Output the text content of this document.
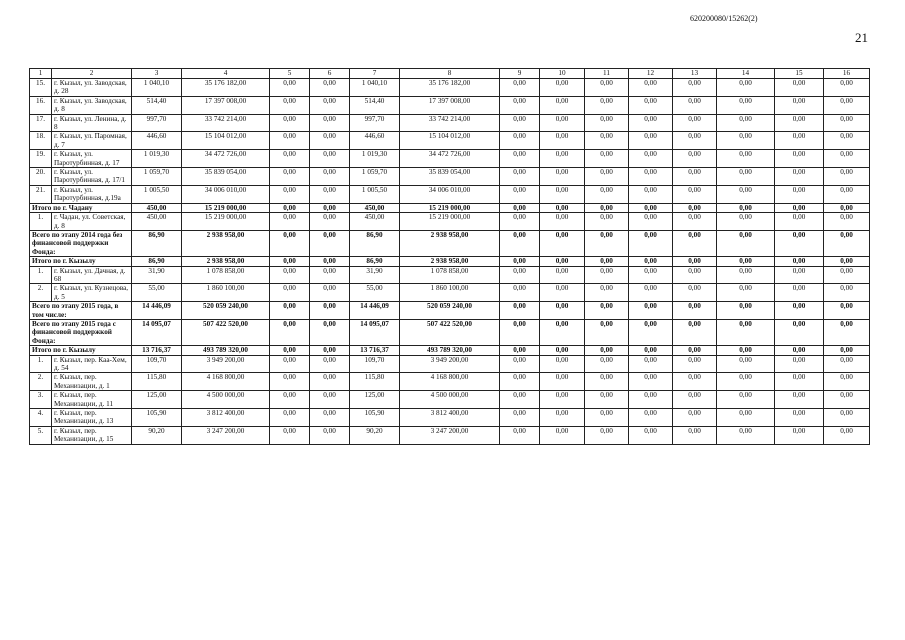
620200080/15262(2)
21
1	2	3	4	5	6	7	8	9	10	11	12	13	14	15	16
15.	г. Кызыл, ул. Заводская, д. 28	1 040,10	35 176 182,00	0,00	0,00	1 040,10	35 176 182,00	0,00	0,00	0,00	0,00	0,00	0,00	0,00	0,00
16.	г. Кызыл, ул. Заводская, д. 8	514,40	17 397 008,00	0,00	0,00	514,40	17 397 008,00	0,00	0,00	0,00	0,00	0,00	0,00	0,00	0,00
17.	г. Кызыл, ул. Ленина, д. 8	997,70	33 742 214,00	0,00	0,00	997,70	33 742 214,00	0,00	0,00	0,00	0,00	0,00	0,00	0,00	0,00
18.	г. Кызыл, ул. Паромная, д. 7	446,60	15 104 012,00	0,00	0,00	446,60	15 104 012,00	0,00	0,00	0,00	0,00	0,00	0,00	0,00	0,00
19.	г. Кызыл, ул. Паротурбинная, д. 17	1 019,30	34 472 726,00	0,00	0,00	1 019,30	34 472 726,00	0,00	0,00	0,00	0,00	0,00	0,00	0,00	0,00
20.	г. Кызыл, ул. Паротурбинная, д. 17/1	1 059,70	35 839 054,00	0,00	0,00	1 059,70	35 839 054,00	0,00	0,00	0,00	0,00	0,00	0,00	0,00	0,00
21.	г. Кызыл, ул. Паротурбинная, д.19а	1 005,50	34 006 010,00	0,00	0,00	1 005,50	34 006 010,00	0,00	0,00	0,00	0,00	0,00	0,00	0,00	0,00
Итого по г. Чадану		450,00	15 219 000,00	0,00	0,00	450,00	15 219 000,00	0,00	0,00	0,00	0,00	0,00	0,00	0,00	0,00
1.	г. Чадан, ул. Советская, д. 8	450,00	15 219 000,00	0,00	0,00	450,00	15 219 000,00	0,00	0,00	0,00	0,00	0,00	0,00	0,00	0,00
Всего по этапу 2014 года без финансовой поддержки Фонда:		86,90	2 938 958,00	0,00	0,00	86,90	2 938 958,00	0,00	0,00	0,00	0,00	0,00	0,00	0,00	0,00
Итого по г. Кызылу		86,90	2 938 958,00	0,00	0,00	86,90	2 938 958,00	0,00	0,00	0,00	0,00	0,00	0,00	0,00	0,00
1.	г. Кызыл, ул. Дачная, д. 68	31,90	1 078 858,00	0,00	0,00	31,90	1 078 858,00	0,00	0,00	0,00	0,00	0,00	0,00	0,00	0,00
2.	г. Кызыл, ул. Кузнецова, д. 5	55,00	1 860 100,00	0,00	0,00	55,00	1 860 100,00	0,00	0,00	0,00	0,00	0,00	0,00	0,00	0,00
Всего по этапу 2015 года, в том числе:		14 446,09	520 059 240,00	0,00	0,00	14 446,09	520 059 240,00	0,00	0,00	0,00	0,00	0,00	0,00	0,00	0,00
Всего по этапу 2015 года с финансовой поддержкой Фонда:		14 095,07	507 422 520,00	0,00	0,00	14 095,07	507 422 520,00	0,00	0,00	0,00	0,00	0,00	0,00	0,00	0,00
Итого по г. Кызылу		13 716,37	493 789 320,00	0,00	0,00	13 716,37	493 789 320,00	0,00	0,00	0,00	0,00	0,00	0,00	0,00	0,00
1.	г. Кызыл, пер. Каа-Хем, д. 54	109,70	3 949 200,00	0,00	0,00	109,70	3 949 200,00	0,00	0,00	0,00	0,00	0,00	0,00	0,00	0,00
2.	г. Кызыл, пер. Механизации, д. 1	115,80	4 168 800,00	0,00	0,00	115,80	4 168 800,00	0,00	0,00	0,00	0,00	0,00	0,00	0,00	0,00
3.	г. Кызыл, пер. Механизации, д. 11	125,00	4 500 000,00	0,00	0,00	125,00	4 500 000,00	0,00	0,00	0,00	0,00	0,00	0,00	0,00	0,00
4.	г. Кызыл, пер. Механизации, д. 13	105,90	3 812 400,00	0,00	0,00	105,90	3 812 400,00	0,00	0,00	0,00	0,00	0,00	0,00	0,00	0,00
5.	г. Кызыл, пер. Механизации, д. 15	90,20	3 247 200,00	0,00	0,00	90,20	3 247 200,00	0,00	0,00	0,00	0,00	0,00	0,00	0,00	0,00
